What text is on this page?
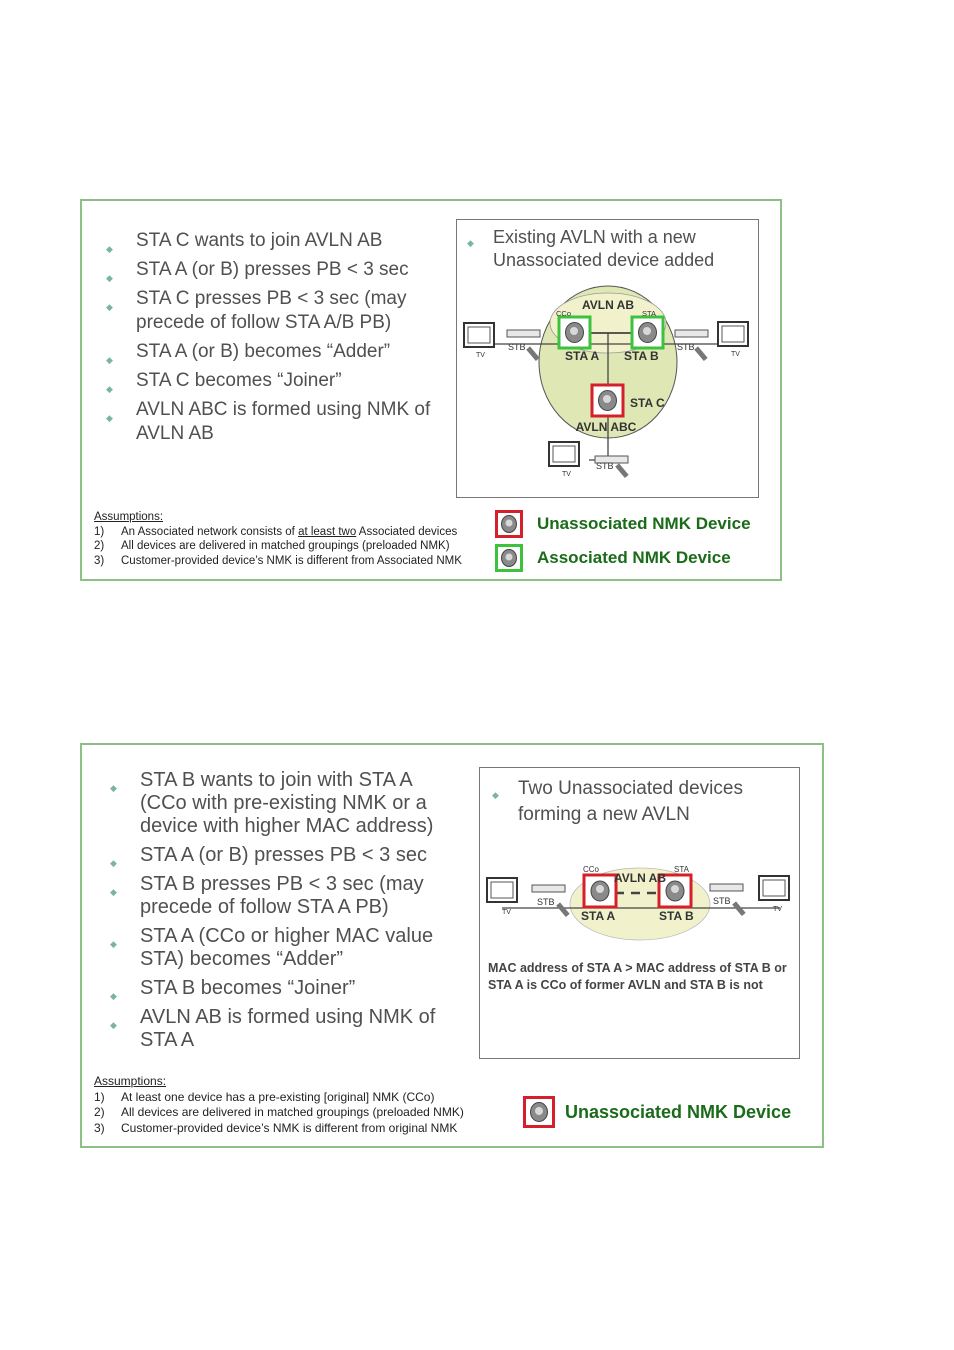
◆ STA C wants to join AVLN AB
◆ STA A (or B) presses PB < 3 sec
◆ STA C presses PB < 3 sec (may precede of follow STA A/B PB)
◆ STA A (or B) becomes “Adder”
◆ STA C becomes “Joiner”
◆ AVLN ABC is formed using NMK of AVLN AB
◆ Existing AVLN with a new Unassociated device added
AVLN AB
CCo	STA
STA A STA B
STA C
AVLN ABC
TV
STB
TV
STB
TV
STB
Assumptions:
1)	An Associated network consists of at least two Associated devices
2)	All devices are delivered in matched groupings (preloaded NMK)
3)	Customer-provided device’s NMK is different from Associated NMK
Unassociated NMK Device
Associated NMK Device
◆ STA B wants to join with STA A (CCo with pre-existing NMK or a device with higher MAC address)
◆ STA A (or B) presses PB < 3 sec
◆ STA B presses PB < 3 sec (may precede of follow STA A PB)
◆ STA A (CCo or higher MAC value STA) becomes “Adder”
◆ STA B becomes “Joiner”
◆ AVLN AB is formed using NMK of STA A
◆ Two Unassociated devices forming a new AVLN
AVLN AB
CCo	STA
STA A	STA B
TV
STB
TV
STB
MAC address of STA A > MAC address of STA B or STA A is CCo of former AVLN and STA B is not
Assumptions:
1)	At least one device has a pre-existing [original] NMK (CCo)
2)	All devices are delivered in matched groupings (preloaded NMK)
3)	Customer-provided device’s NMK is different from original NMK
Unassociated NMK Device
